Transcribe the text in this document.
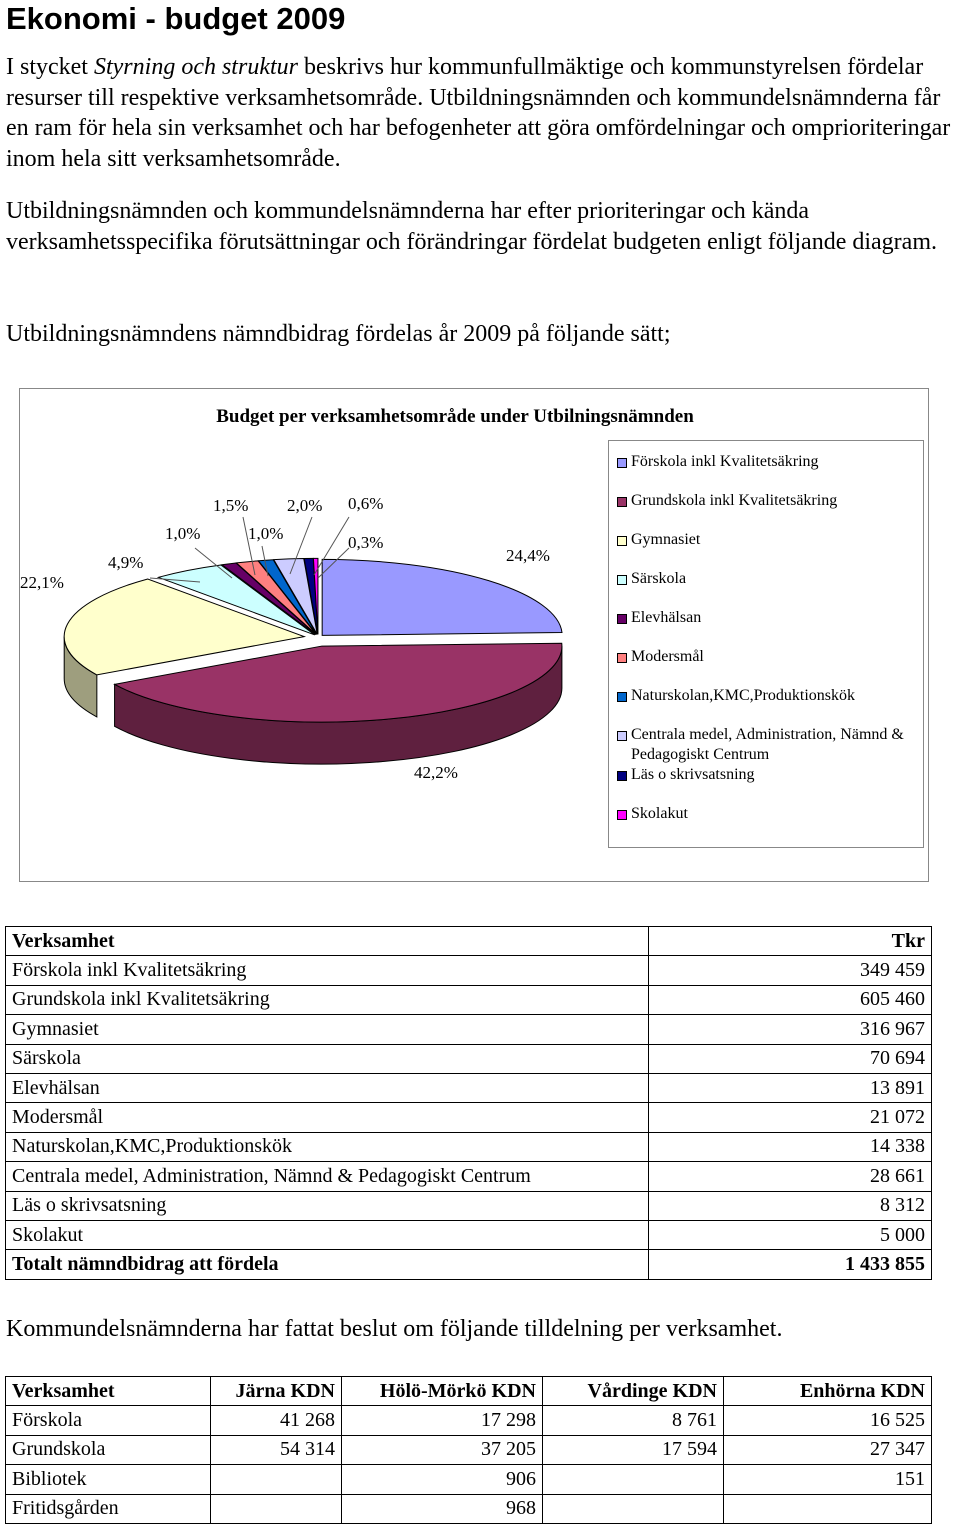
Ekonomi - budget 2009

I stycket Styrning och struktur beskrivs hur kommunfullmäktige och kommunstyrelsen fördelar resurser till respektive verksamhetsområde. Utbildningsnämnden och kommundelsnämnderna får en ram för hela sin verksamhet och har befogenheter att göra omfördelningar och omprioriteringar inom hela sitt verksamhetsområde.

Utbildningsnämnden och kommundelsnämnderna har efter prioriteringar och kända verksamhetsspecifika förutsättningar och förändringar fördelat budgeten enligt följande diagram.

Utbildningsnämndens nämndbidrag fördelas år 2009 på följande sätt;

Budget per verksamhetsområde under Utbilningsnämnden
24,4%
42,2%
22,1%
4,9%
1,0%
1,5%
1,0%
2,0% 0,6%
0,3%
Förskola inkl Kvalitetsäkring
Grundskola inkl Kvalitetsäkring
Gymnasiet
Särskola
Elevhälsan
Modersmål
Naturskolan,KMC,Produktionskök
Centrala medel, Administration, Nämnd & Pedagogiskt Centrum
Läs o skrivsatsning
Skolakut
Verksamhet	Tkr
Förskola inkl Kvalitetsäkring	349 459
Grundskola inkl Kvalitetsäkring	605 460
Gymnasiet	316 967
Särskola	70 694
Elevhälsan	13 891
Modersmål	21 072
Naturskolan,KMC,Produktionskök	14 338
Centrala medel, Administration, Nämnd & Pedagogiskt Centrum	28 661
Läs o skrivsatsning	8 312
Skolakut	5 000
Totalt nämndbidrag att fördela	1 433 855

Kommundelsnämnderna har fattat beslut om följande tilldelning per verksamhet.

Verksamhet	Järna KDN	Hölö-Mörkö KDN	Vårdinge KDN	Enhörna KDN
Förskola	41 268	17 298	8 761	16 525
Grundskola	54 314	37 205	17 594	27 347
Bibliotek		906		151
Fritidsgården		968		
